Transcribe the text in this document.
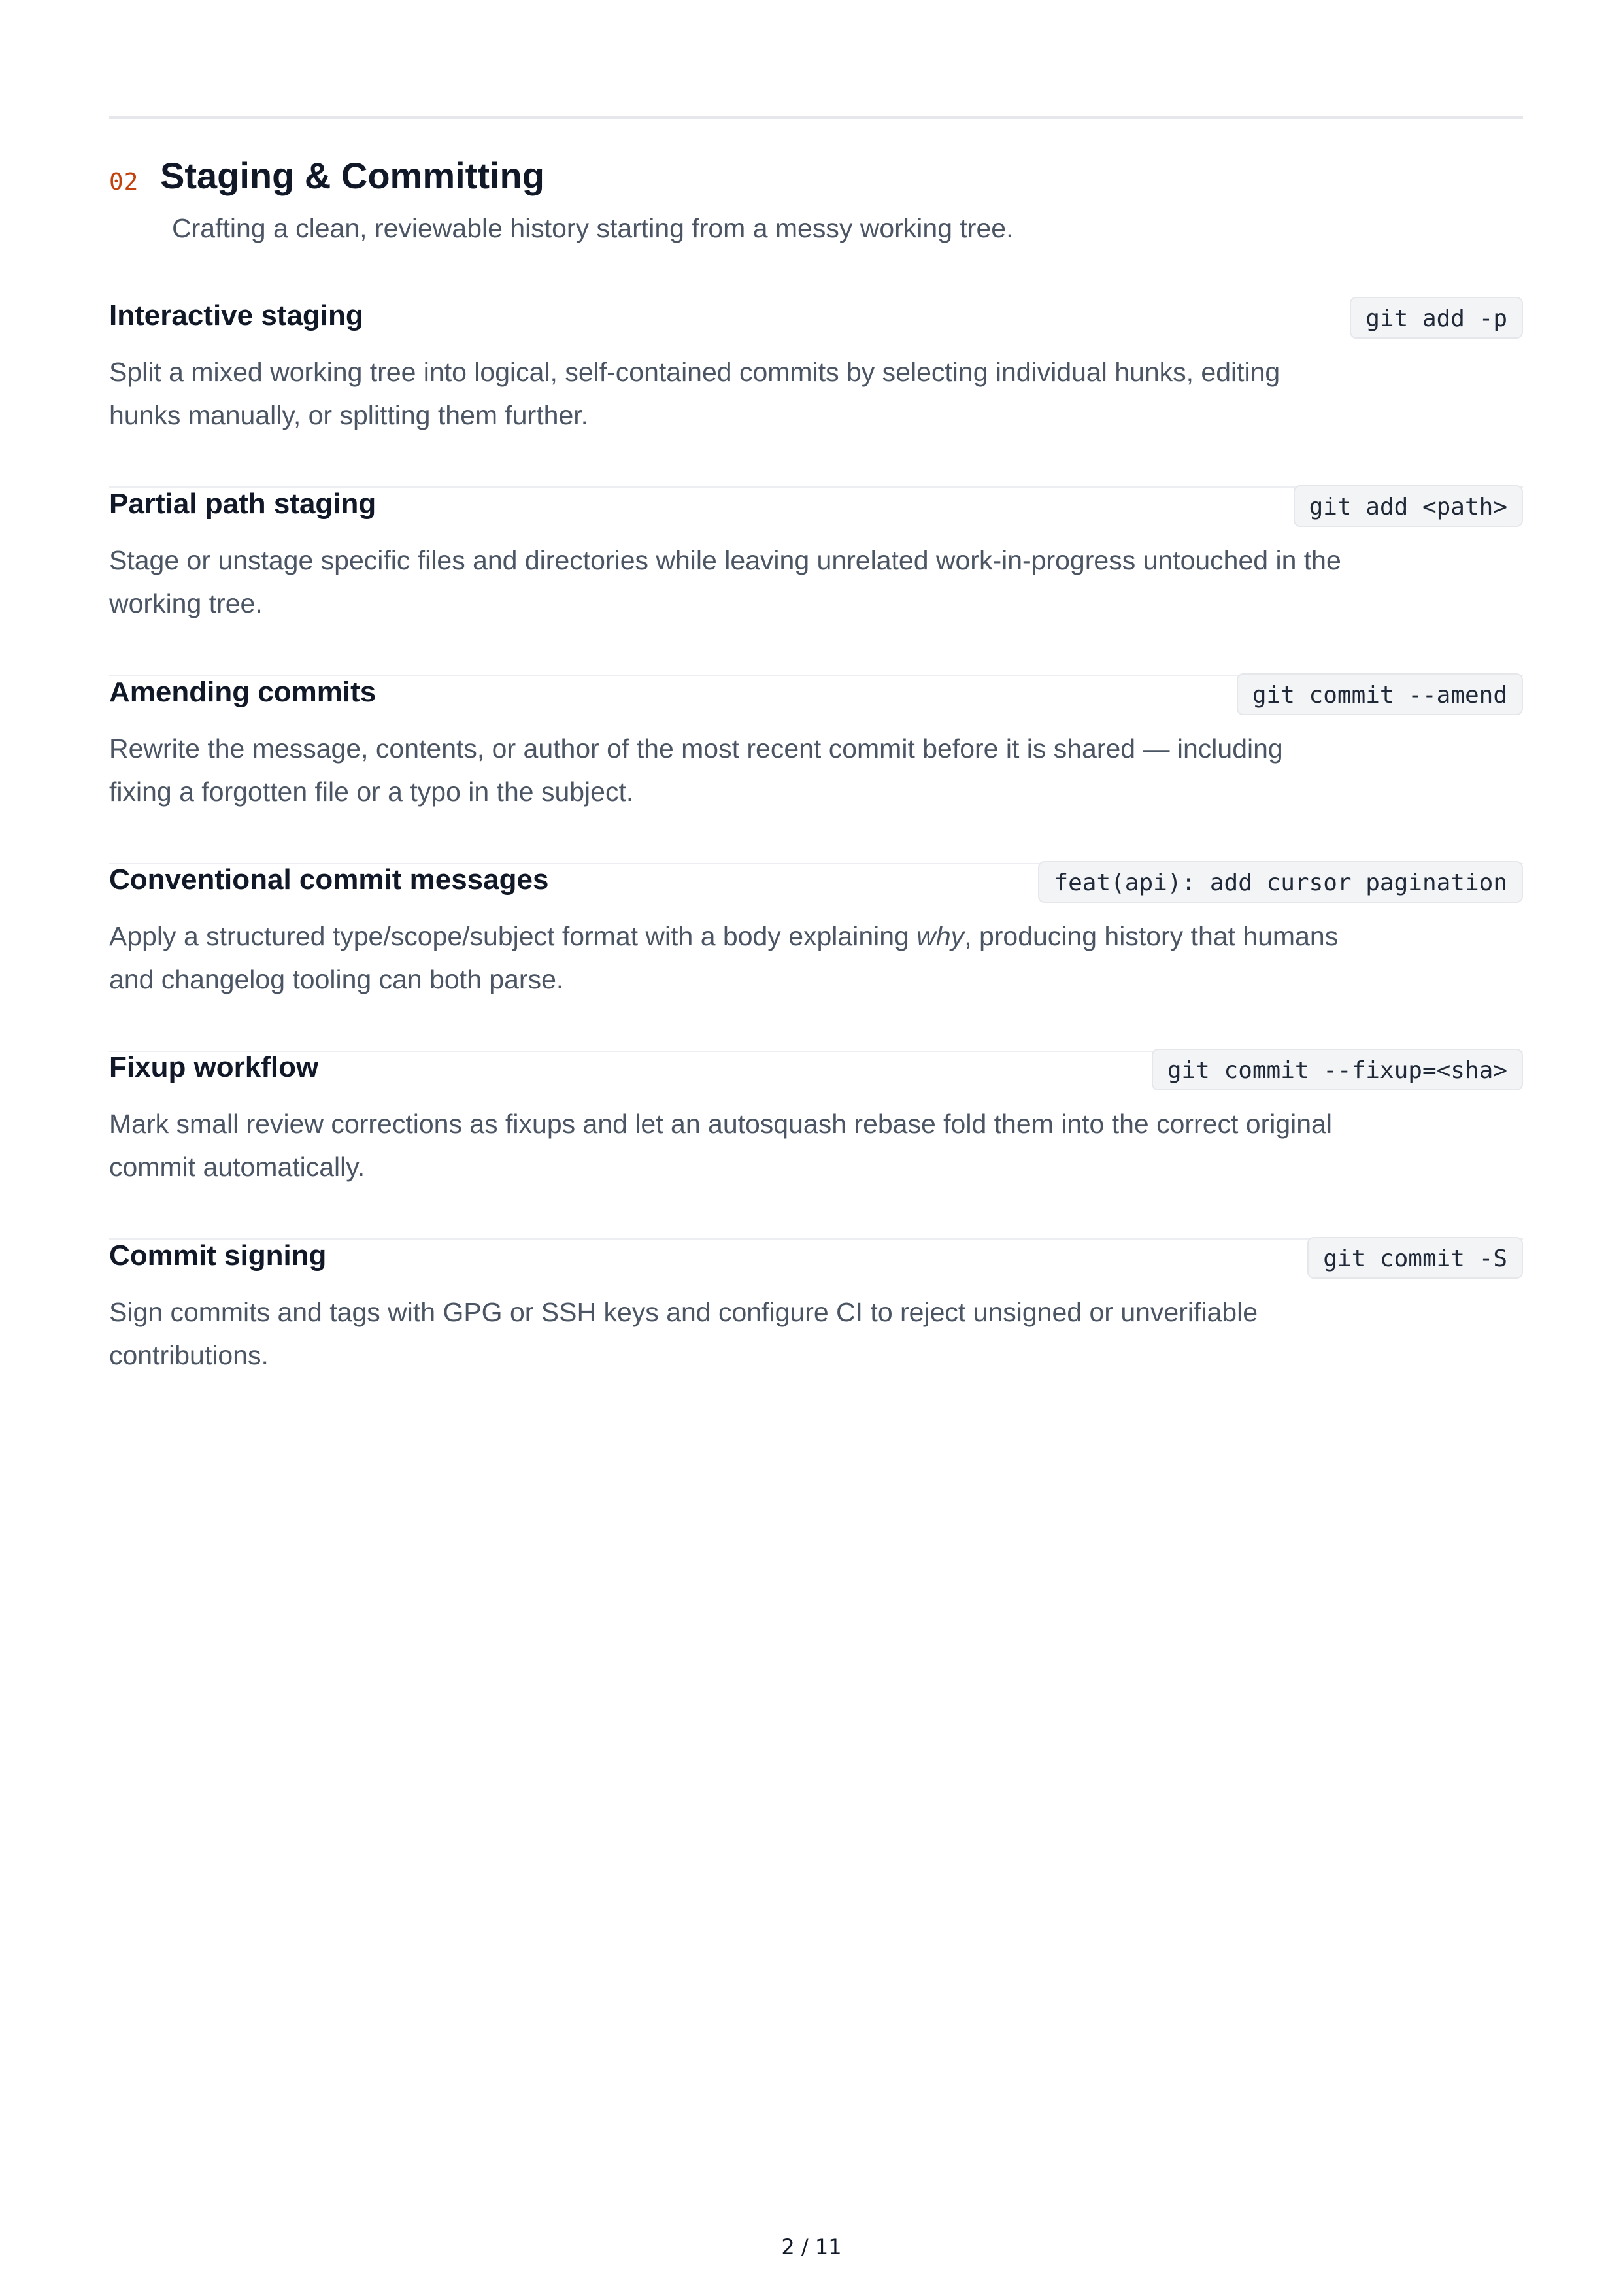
02 Staging & Committing
Crafting a clean, reviewable history starting from a messy working tree.
Interactive staging	git add -p

Split a mixed working tree into logical, self-contained commits by selecting individual hunks, editing hunks manually, or splitting them further.

Partial path staging	git add <path>

Stage or unstage specific files and directories while leaving unrelated work-in-progress untouched in the working tree.

Amending commits	git commit --amend

Rewrite the message, contents, or author of the most recent commit before it is shared — including fixing a forgotten file or a typo in the subject.

Conventional commit messages	feat(api): add cursor pagination

Apply a structured type/scope/subject format with a body explaining why, producing history that humans and changelog tooling can both parse.

Fixup workflow	git commit --fixup=<sha>

Mark small review corrections as fixups and let an autosquash rebase fold them into the correct original commit automatically.

Commit signing	git commit -S

Sign commits and tags with GPG or SSH keys and configure CI to reject unsigned or unverifiable contributions.

2 / 11
